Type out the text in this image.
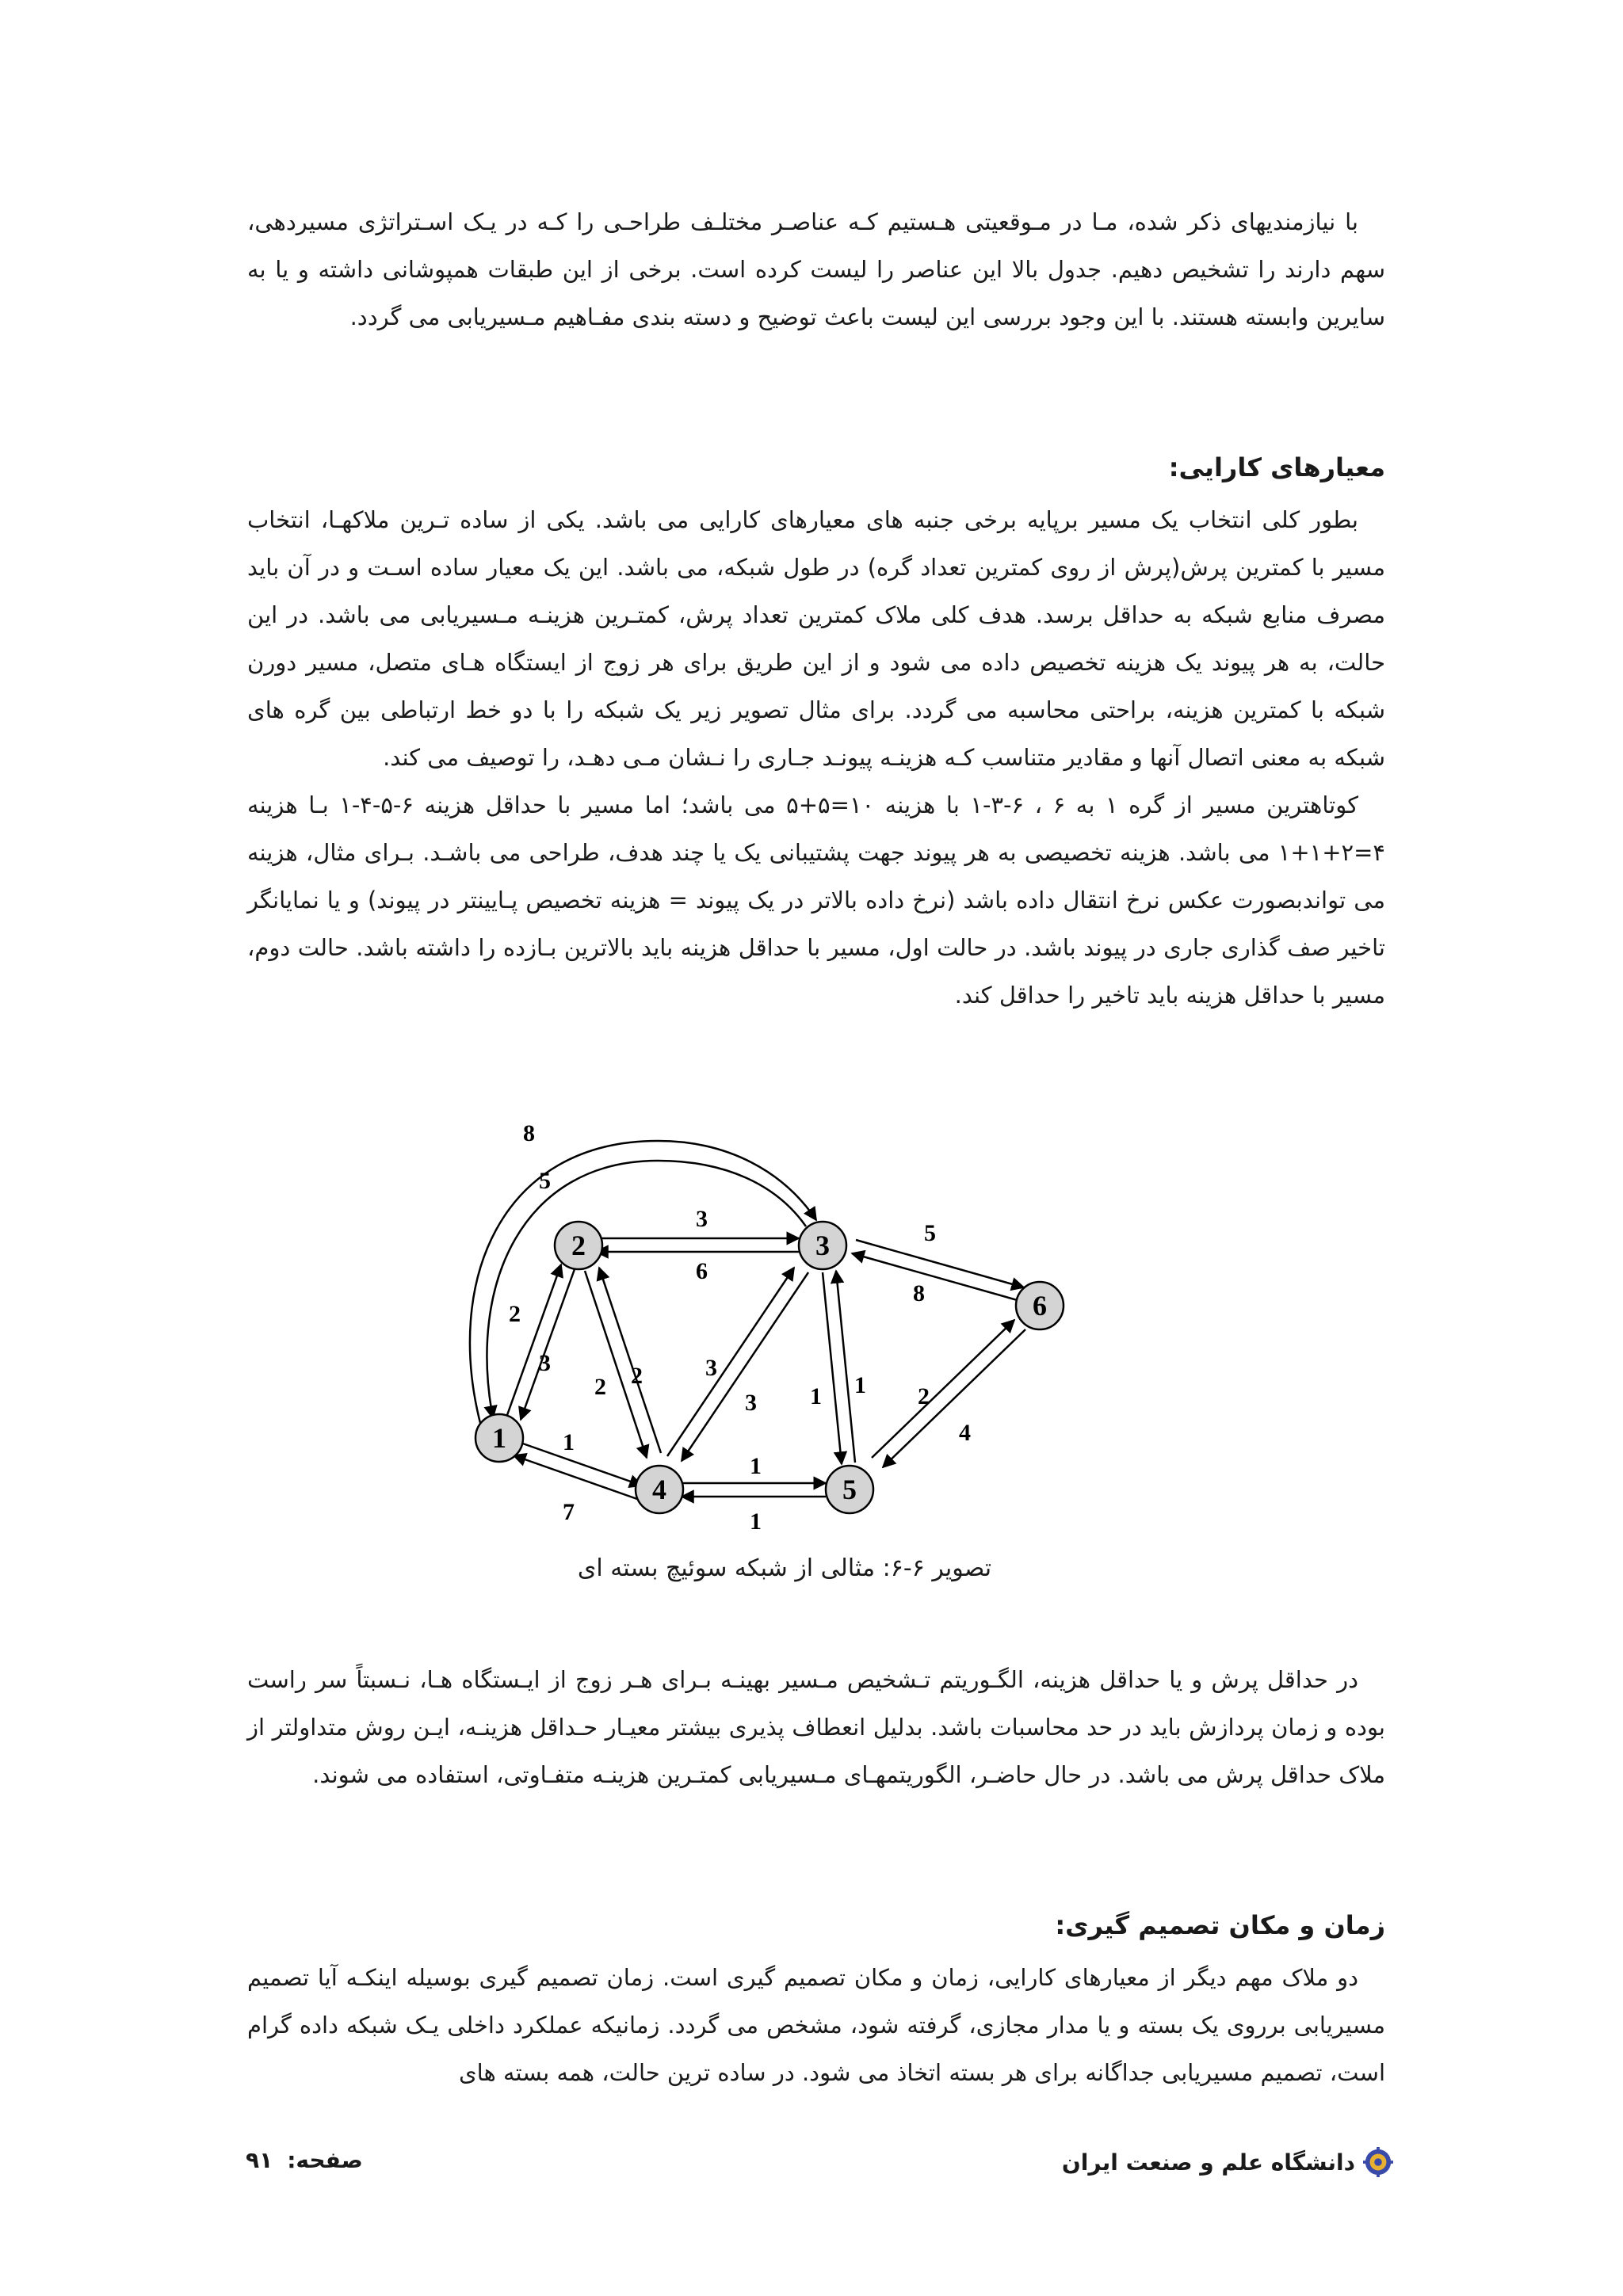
با نیازمندیهای ذکر شده، مـا در مـوقعیتی هـستیم کـه عناصـر مختلـف طراحـی را کـه در یـک اسـتراتژی مسیردهی، سهم دارند را تشخیص دهیم. جدول بالا این عناصر را لیست کرده است. برخی از این طبقات همپوشانی داشته و یا به سایرین وابسته هستند. با این وجود بررسی این لیست باعث توضیح و دسته بندی مفـاهیم مـسیریابی می گردد.

معیارهای کارایی:

بطور کلی انتخاب یک مسیر برپایه برخی جنبه های معیارهای کارایی می باشد. یکی از ساده تـرین ملاکهـا، انتخاب مسیر با کمترین پرش(پرش از روی کمترین تعداد گره) در طول شبکه، می باشد. این یک معیار ساده اسـت و در آن باید مصرف منابع شبکه به حداقل برسد. هدف کلی ملاک کمترین تعداد پرش، کمتـرین هزینـه مـسیریابی می باشد. در این حالت، به هر پیوند یک هزینه تخصیص داده می شود و از این طریق برای هر زوج از ایستگاه هـای متصل، مسیر دورن شبکه با کمترین هزینه، براحتی محاسبه می گردد. برای مثال تصویر زیر یک شبکه را با دو خط ارتباطی بین گره های شبکه به معنی اتصال آنها و مقادیر متناسب کـه هزینـه پیونـد جـاری را نـشان مـی دهـد، را توصیف می کند.

کوتاهترین مسیر از گره ۱ به ۶ ، ۶-۳-۱ با هزینه ۱۰=۵+۵ می باشد؛ اما مسیر با حداقل هزینه ۶-۵-۴-۱ بـا هزینه ۴=۲+۱+۱ می باشد. هزینه تخصیصی به هر پیوند جهت پشتیبانی یک یا چند هدف، طراحی می باشـد. بـرای مثال، هزینه می تواندبصورت عکس نرخ انتقال داده باشد (نرخ داده بالاتر در یک پیوند = هزینه تخصیص پـایینتر در پیوند) و یا نمایانگر تاخیر صف گذاری جاری در پیوند باشد. در حالت اول، مسیر با حداقل هزینه باید بالاترین بـازده را داشته باشد. حالت دوم، مسیر با حداقل هزینه باید تاخیر را حداقل کند.

1
2	3
4	5
6
8
5
3
6
5
8
2
3
2 2	3
3 1 1 2
4
1
7
1
1
تصویر ۶-۶: مثالی از شبکه سوئیچ بسته ای

در حداقل پرش و یا حداقل هزینه، الگـوریتم تـشخیص مـسیر بهینـه بـرای هـر زوج از ایـستگاه هـا، نـسبتاً سر راست بوده و زمان پردازش باید در حد محاسبات باشد. بدلیل انعطاف پذیری بیشتر معیـار حـداقل هزینـه، ایـن روش متداولتر از ملاک حداقل پرش می باشد. در حال حاضـر، الگوریتمهـای مـسیریابی کمتـرین هزینـه متفـاوتی، استفاده می شوند.

زمان و مکان تصمیم گیری:

دو ملاک مهم دیگر از معیارهای کارایی، زمان و مکان تصمیم گیری است. زمان تصمیم گیری بوسیله اینکـه آیا تصمیم مسیریابی برروی یک بسته و یا مدار مجازی، گرفته شود، مشخص می گردد. زمانیکه عملکرد داخلی یـک شبکه داده گرام است، تصمیم مسیریابی جداگانه برای هر بسته اتخاذ می شود. در ساده ترین حالت، همه بسته های

دانشگاه علم و صنعت ایران
صفحه:
۹۱
